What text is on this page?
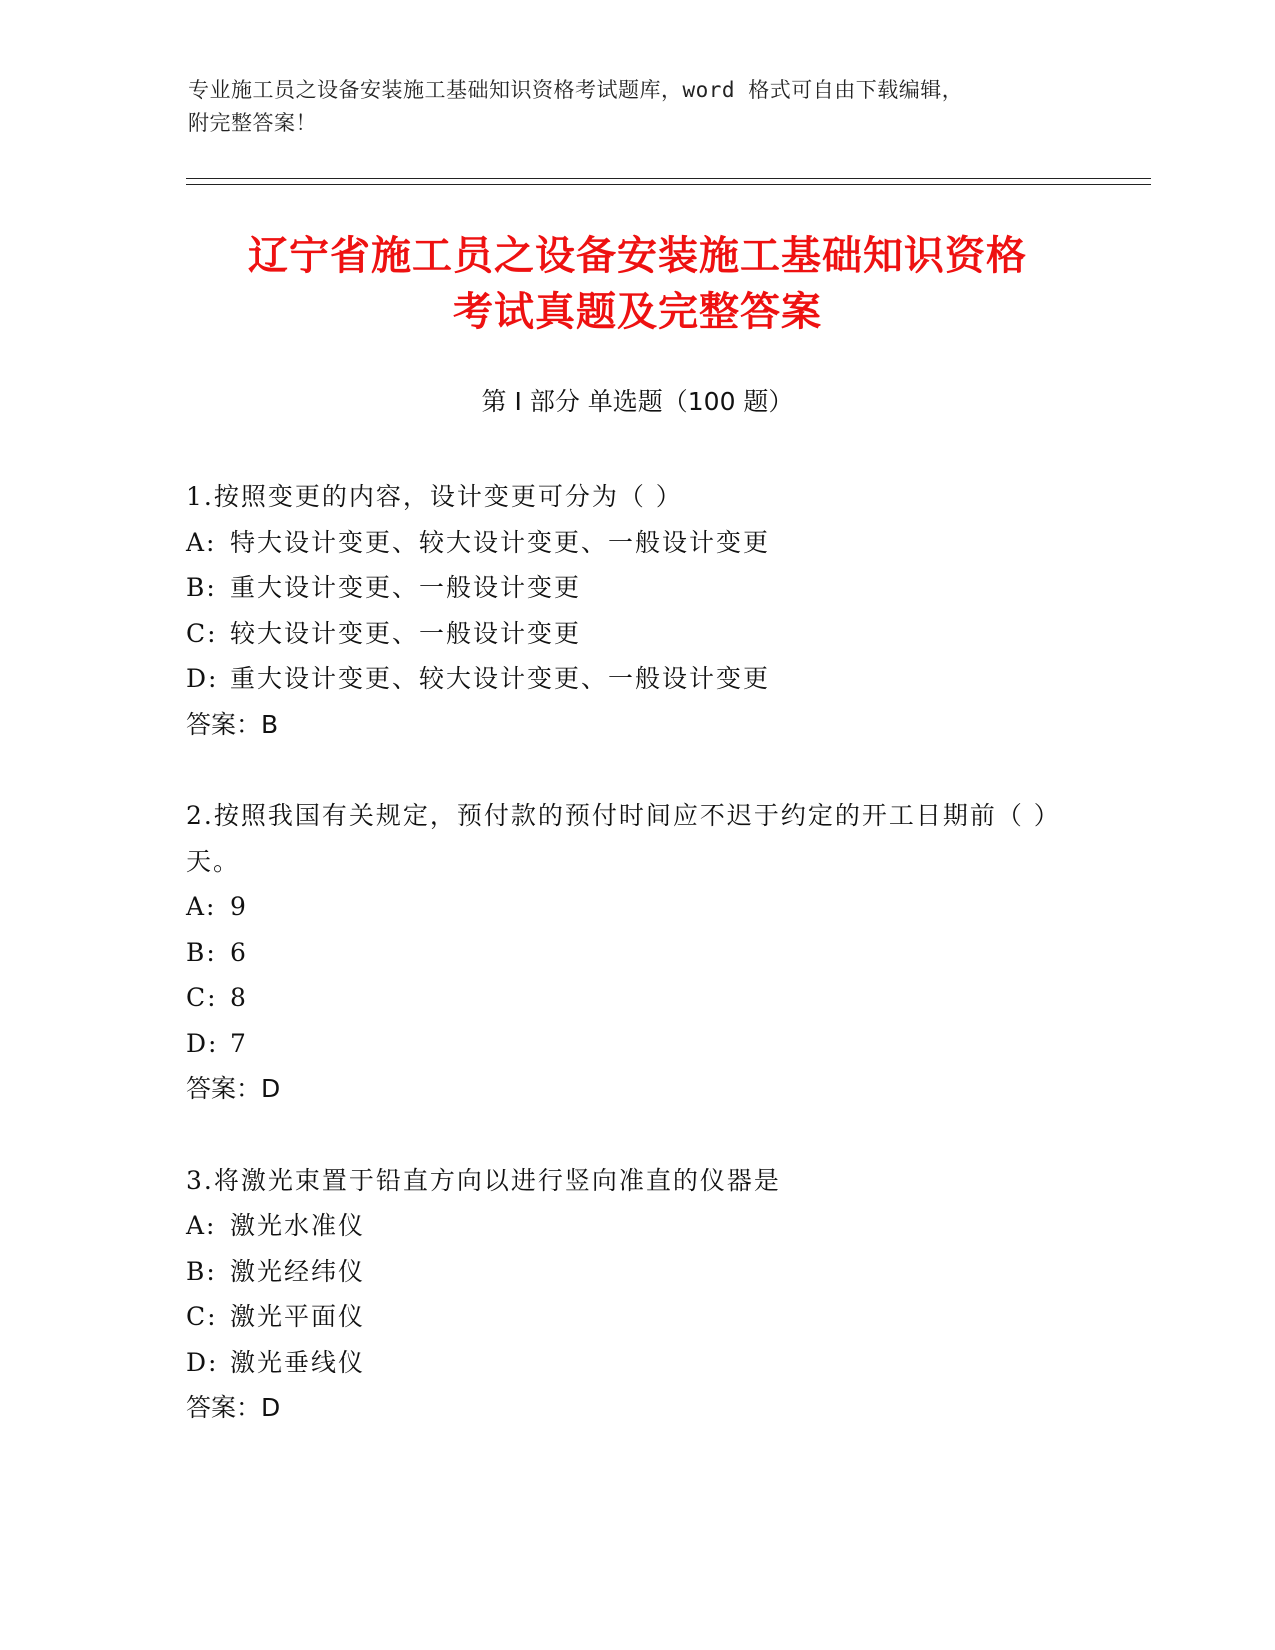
专业施工员之设备安装施工基础知识资格考试题库，word 格式可自由下载编辑，
附完整答案！
辽宁省施工员之设备安装施工基础知识资格
考试真题及完整答案
第 I 部分 单选题（100 题）
1.按照变更的内容，设计变更可分为（ ）
A: 特大设计变更、较大设计变更、一般设计变更
B: 重大设计变更、一般设计变更
C: 较大设计变更、一般设计变更
D: 重大设计变更、较大设计变更、一般设计变更
答案：B
2.按照我国有关规定，预付款的预付时间应不迟于约定的开工日期前（ ）天。
A: 9
B: 6
C: 8
D: 7
答案：D
3.将激光束置于铅直方向以进行竖向准直的仪器是
A: 激光水准仪
B: 激光经纬仪
C: 激光平面仪
D: 激光垂线仪
答案：D
